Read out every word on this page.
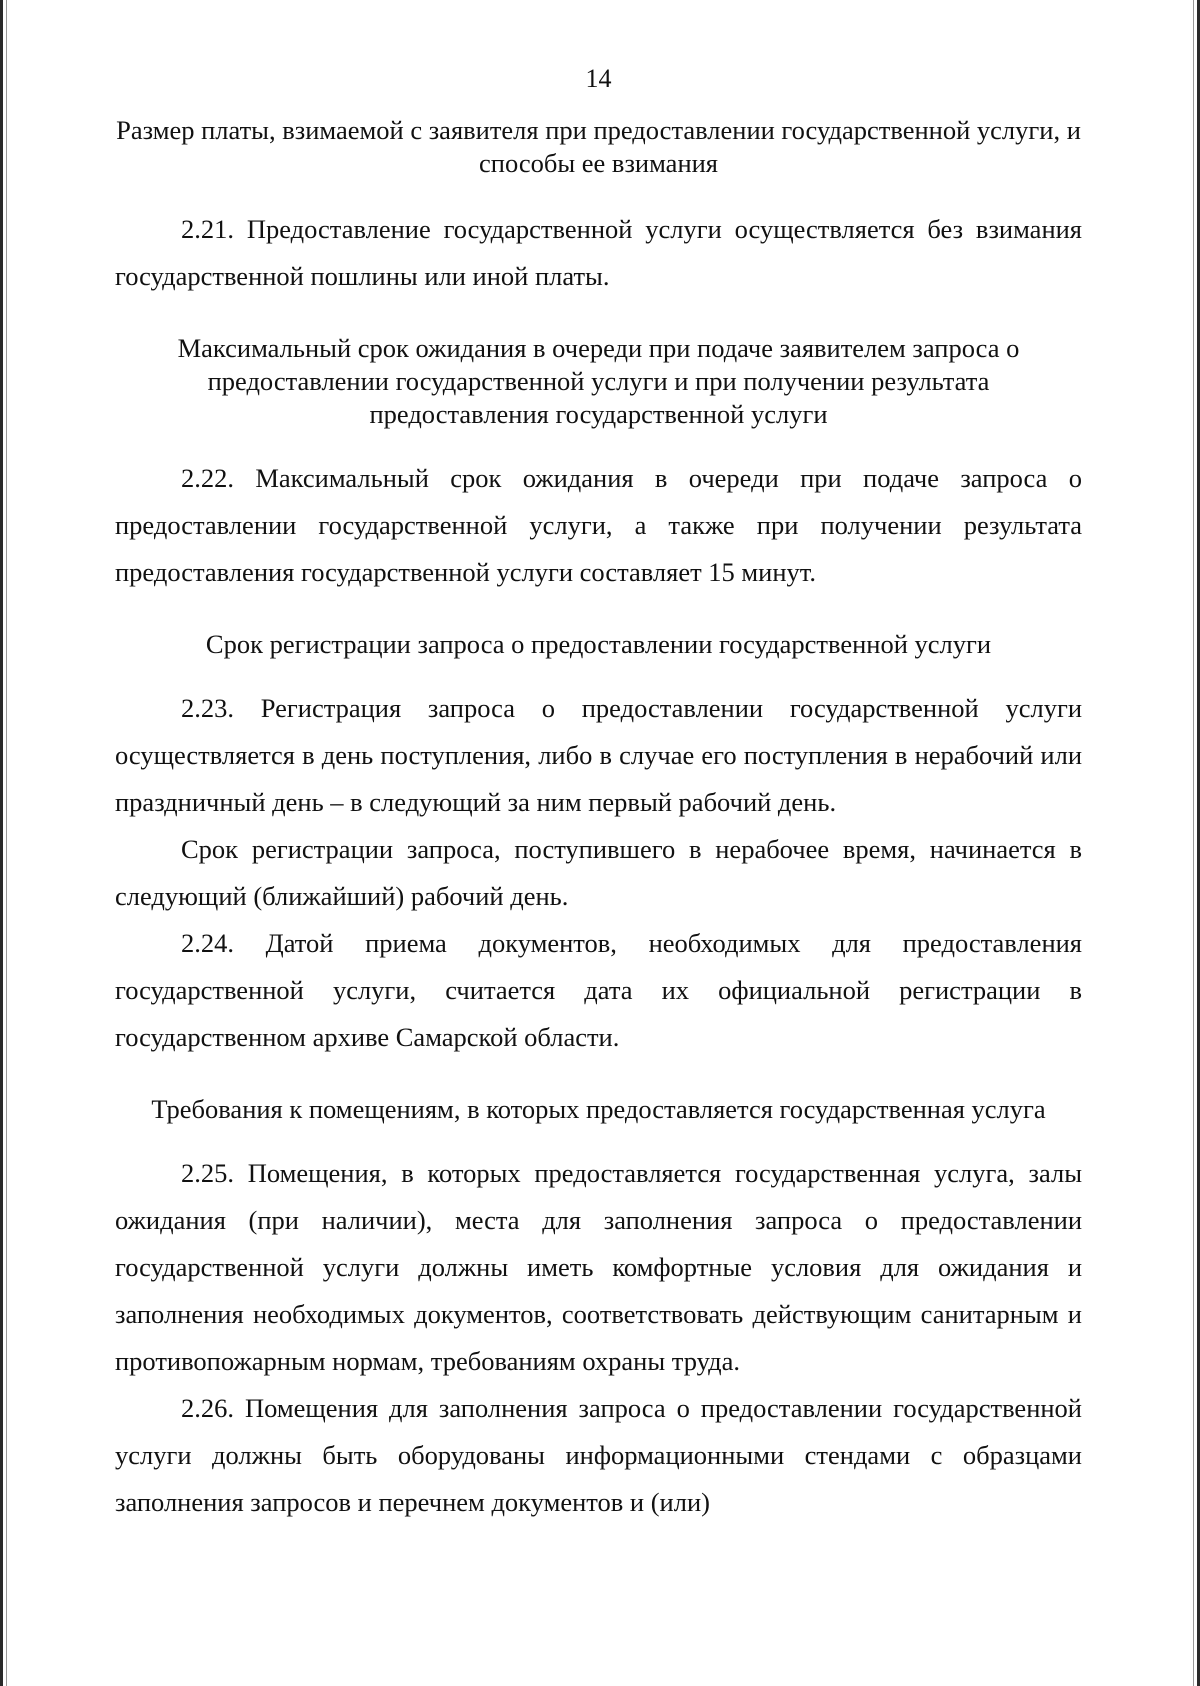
14
Размер платы, взимаемой с заявителя при предоставлении государственной услуги, и способы ее взимания

2.21. Предоставление государственной услуги осуществляется без взимания государственной пошлины или иной платы.

Максимальный срок ожидания в очереди при подаче заявителем запроса о предоставлении государственной услуги и при получении результата предоставления государственной услуги

2.22. Максимальный срок ожидания в очереди при подаче запроса о предоставлении государственной услуги, а также при получении результата предоставления государственной услуги составляет 15 минут.

Срок регистрации запроса о предоставлении государственной услуги

2.23. Регистрация запроса о предоставлении государственной услуги осуществляется в день поступления, либо в случае его поступления в нерабочий или праздничный день – в следующий за ним первый рабочий день.

Срок регистрации запроса, поступившего в нерабочее время, начинается в следующий (ближайший) рабочий день.

2.24. Датой приема документов, необходимых для предоставления государственной услуги, считается дата их официальной регистрации в государственном архиве Самарской области.

Требования к помещениям, в которых предоставляется государственная услуга

2.25. Помещения, в которых предоставляется государственная услуга, залы ожидания (при наличии), места для заполнения запроса о предоставлении государственной услуги должны иметь комфортные условия для ожидания и заполнения необходимых документов, соответствовать действующим санитарным и противопожарным нормам, требованиям охраны труда.

2.26. Помещения для заполнения запроса о предоставлении государственной услуги должны быть оборудованы информационными стендами с образцами заполнения запросов и перечнем документов и (или)
